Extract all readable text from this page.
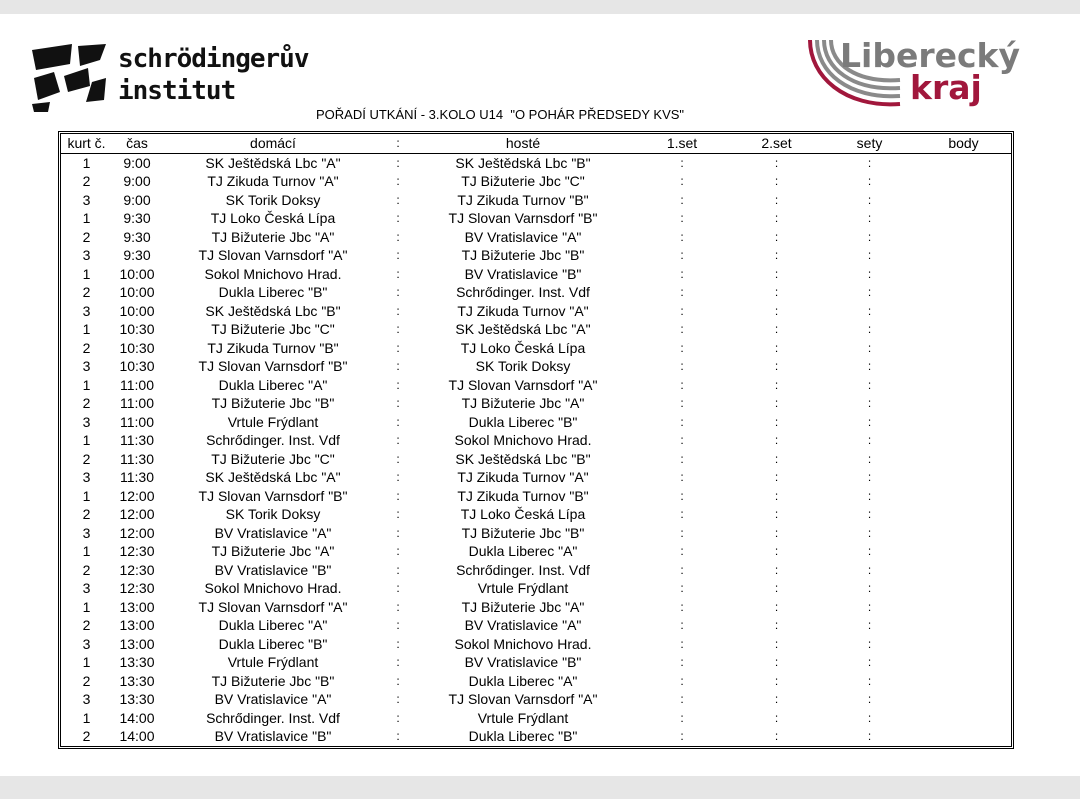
schrödingerův
institut
Liberecký
kraj
POŘADÍ UTKÁNÍ - 3.KOLO U14  "O POHÁR PŘEDSEDY KVS"
kurt č.	čas	domácí	:	hosté	1.set	2.set	sety	body
1	9:00	SK Ještědská Lbc "A"	:	SK Ještědská Lbc "B"	:	:	:	
2	9:00	TJ Zikuda Turnov "A"	:	TJ Bižuterie Jbc "C"	:	:	:	
3	9:00	SK Torik Doksy	:	TJ Zikuda Turnov "B"	:	:	:	
1	9:30	TJ Loko Česká Lípa	:	TJ Slovan Varnsdorf "B"	:	:	:	
2	9:30	TJ Bižuterie Jbc "A"	:	BV Vratislavice "A"	:	:	:	
3	9:30	TJ Slovan Varnsdorf "A"	:	TJ Bižuterie Jbc "B"	:	:	:	
1	10:00	Sokol Mnichovo Hrad.	:	BV Vratislavice "B"	:	:	:	
2	10:00	Dukla Liberec "B"	:	Schrődinger. Inst. Vdf	:	:	:	
3	10:00	SK Ještědská Lbc "B"	:	TJ Zikuda Turnov "A"	:	:	:	
1	10:30	TJ Bižuterie Jbc "C"	:	SK Ještědská Lbc "A"	:	:	:	
2	10:30	TJ Zikuda Turnov "B"	:	TJ Loko Česká Lípa	:	:	:	
3	10:30	TJ Slovan Varnsdorf "B"	:	SK Torik Doksy	:	:	:	
1	11:00	Dukla Liberec "A"	:	TJ Slovan Varnsdorf "A"	:	:	:	
2	11:00	TJ Bižuterie Jbc "B"	:	TJ Bižuterie Jbc "A"	:	:	:	
3	11:00	Vrtule Frýdlant	:	Dukla Liberec "B"	:	:	:	
1	11:30	Schrődinger. Inst. Vdf	:	Sokol Mnichovo Hrad.	:	:	:	
2	11:30	TJ Bižuterie Jbc "C"	:	SK Ještědská Lbc "B"	:	:	:	
3	11:30	SK Ještědská Lbc "A"	:	TJ Zikuda Turnov "A"	:	:	:	
1	12:00	TJ Slovan Varnsdorf "B"	:	TJ Zikuda Turnov "B"	:	:	:	
2	12:00	SK Torik Doksy	:	TJ Loko Česká Lípa	:	:	:	
3	12:00	BV Vratislavice "A"	:	TJ Bižuterie Jbc "B"	:	:	:	
1	12:30	TJ Bižuterie Jbc "A"	:	Dukla Liberec "A"	:	:	:	
2	12:30	BV Vratislavice "B"	:	Schrődinger. Inst. Vdf	:	:	:	
3	12:30	Sokol Mnichovo Hrad.	:	Vrtule Frýdlant	:	:	:	
1	13:00	TJ Slovan Varnsdorf "A"	:	TJ Bižuterie Jbc "A"	:	:	:	
2	13:00	Dukla Liberec "A"	:	BV Vratislavice "A"	:	:	:	
3	13:00	Dukla Liberec "B"	:	Sokol Mnichovo Hrad.	:	:	:	
1	13:30	Vrtule Frýdlant	:	BV Vratislavice "B"	:	:	:	
2	13:30	TJ Bižuterie Jbc "B"	:	Dukla Liberec "A"	:	:	:	
3	13:30	BV Vratislavice "A"	:	TJ Slovan Varnsdorf "A"	:	:	:	
1	14:00	Schrődinger. Inst. Vdf	:	Vrtule Frýdlant	:	:	:	
2	14:00	BV Vratislavice "B"	:	Dukla Liberec "B"	:	:	:	
